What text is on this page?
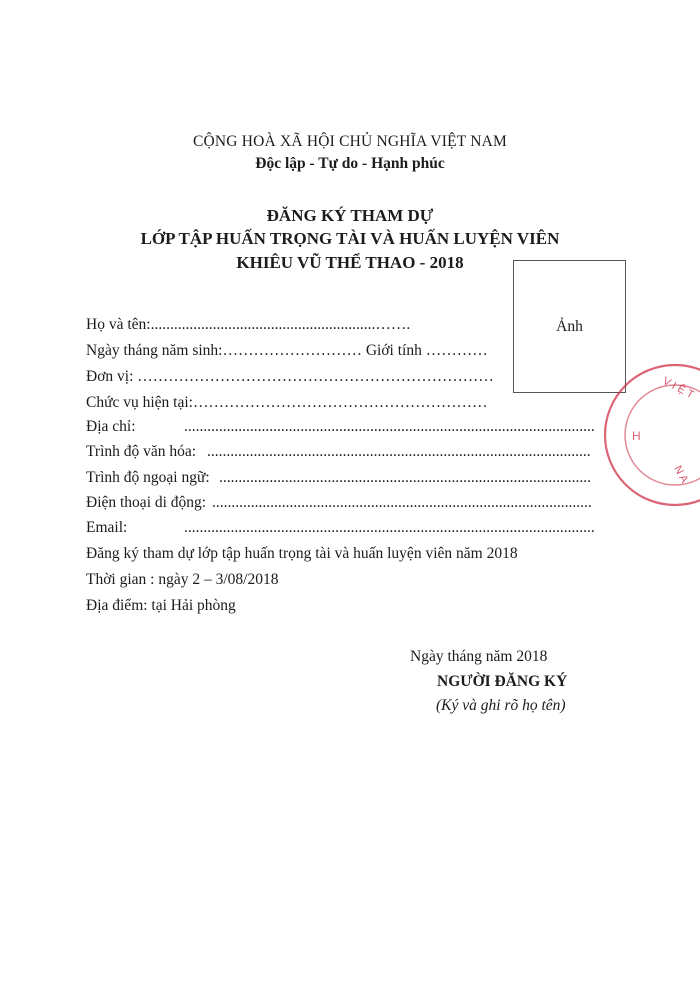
CỘNG HOÀ XÃ HỘI CHỦ NGHĨA VIỆT NAM
Độc lập - Tự do - Hạnh phúc
ĐĂNG KÝ THAM DỰ
LỚP TẬP HUẤN TRỌNG TÀI VÀ HUẤN LUYỆN VIÊN
KHIÊU VŨ THỂ THAO - 2018
Ảnh
Họ và tên:..........................................................…….
Ngày tháng năm sinh:……………………… Giới tính …………
Đơn vị: ……………………………………………………………
Chức vụ hiện tại:…………………………………………………
Địa chỉ:	..........................................................................................................
Trình độ văn hóa: ...................................................................................................
Trình độ ngoại ngữ: ................................................................................................
Điện thoại di động: ..................................................................................................
Email:	..........................................................................................................
Đăng ký tham dự lớp tập huấn trọng tài và huấn luyện viên năm 2018
Thời gian : ngày 2 – 3/08/2018
Địa điểm: tại Hải phòng
Ngày tháng năm 2018
NGƯỜI ĐĂNG KÝ
(Ký và ghi rõ họ tên)
V I Ệ T
N A
H
